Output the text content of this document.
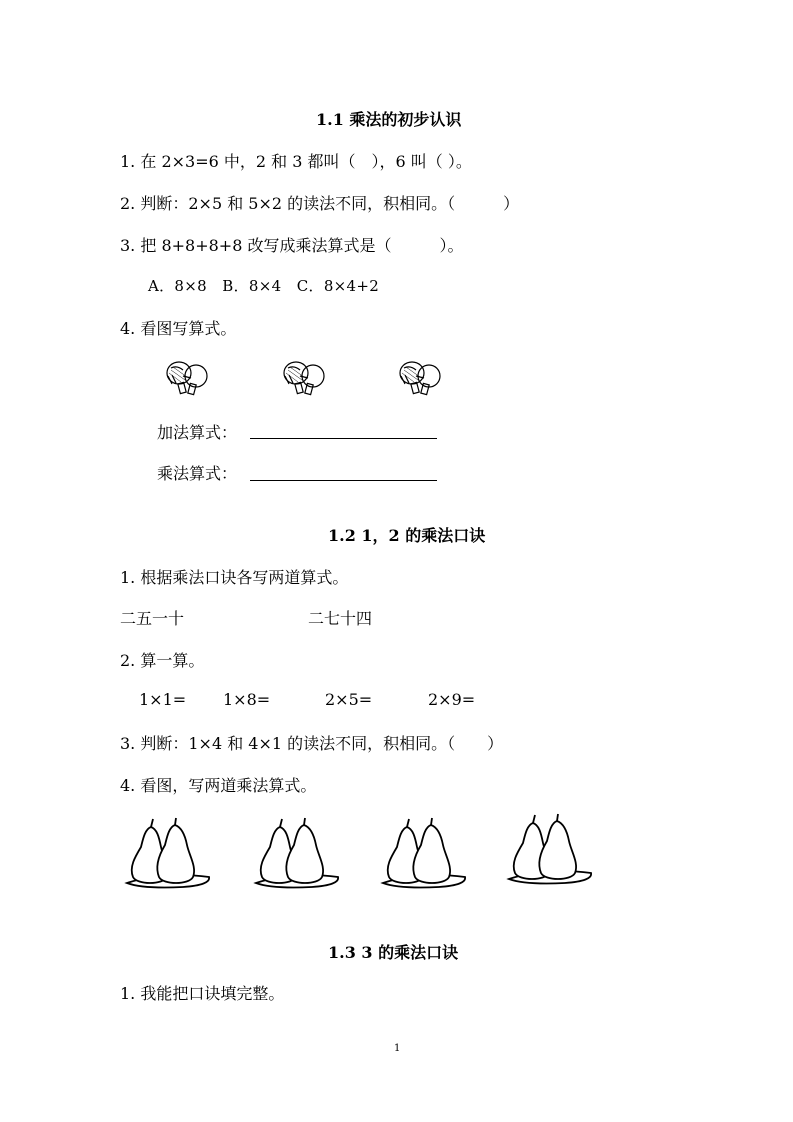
1.1 乘法的初步认识
1. 在 2×3=6 中，2 和 3 都叫（　），6 叫（ ）。
2. 判断：2×5 和 5×2 的读法不同，积相同。（　　　）
3. 把 8+8+8+8 改写成乘法算式是（　　　）。
A．8×8　B．8×4　C．8×4+2
4. 看图写算式。
加法算式：
乘法算式：
1.2 1，2 的乘法口诀
1. 根据乘法口诀各写两道算式。
二五一十	二七十四
2. 算一算。
1×1= 1×8=	2×5=	2×9=
3. 判断：1×4 和 4×1 的读法不同，积相同。（　　）
4. 看图，写两道乘法算式。
1.3 3 的乘法口诀
1. 我能把口诀填完整。
1
